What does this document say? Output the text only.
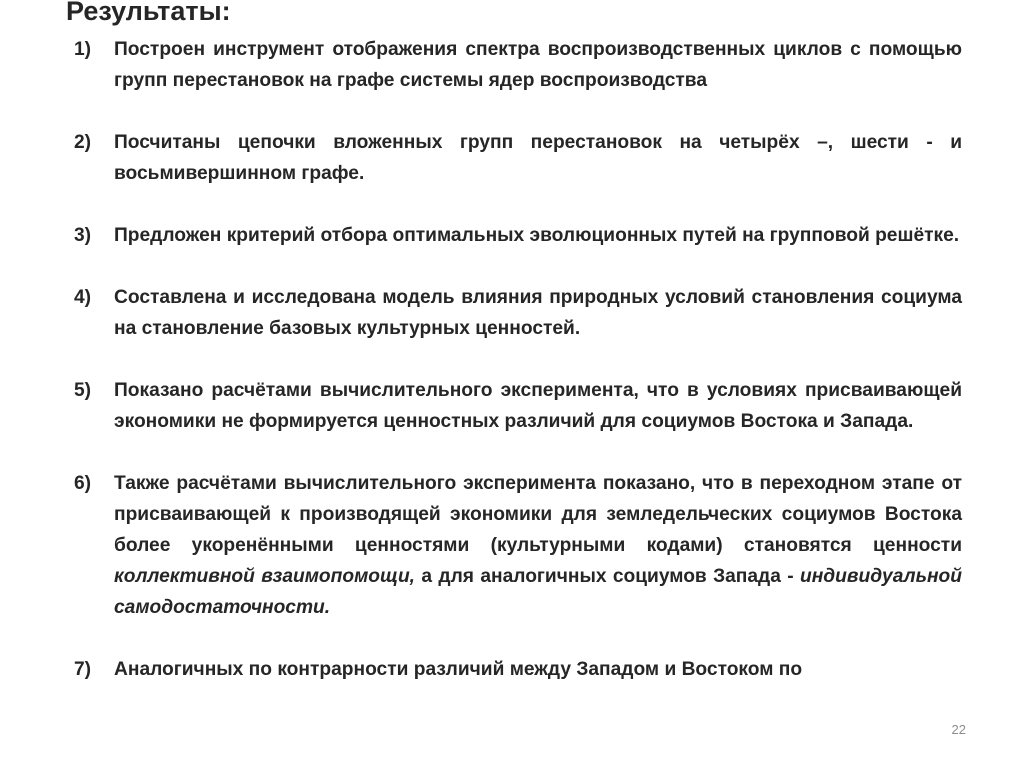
Результаты:
1) Построен инструмент отображения спектра воспроизводственных циклов с помощью групп перестановок на графе системы ядер воспроизводства
2) Посчитаны цепочки вложенных групп перестановок на четырёх –, шести - и восьмивершинном графе.
3) Предложен критерий отбора оптимальных эволюционных путей на групповой решётке.
4) Составлена и исследована модель влияния природных условий становления социума на становление базовых культурных ценностей.
5) Показано расчётами вычислительного эксперимента, что в условиях присваивающей экономики не формируется ценностных различий для социумов Востока и Запада.
6) Также расчётами вычислительного эксперимента показано, что в переходном этапе от присваивающей к производящей экономики для земледельческих социумов Востока более укоренёнными ценностями (культурными кодами) становятся ценности коллективной взаимопомощи, а для аналогичных социумов Запада - индивидуальной самодостаточности.
7) Аналогичных по контрарности различий между Западом и Востоком по
22
